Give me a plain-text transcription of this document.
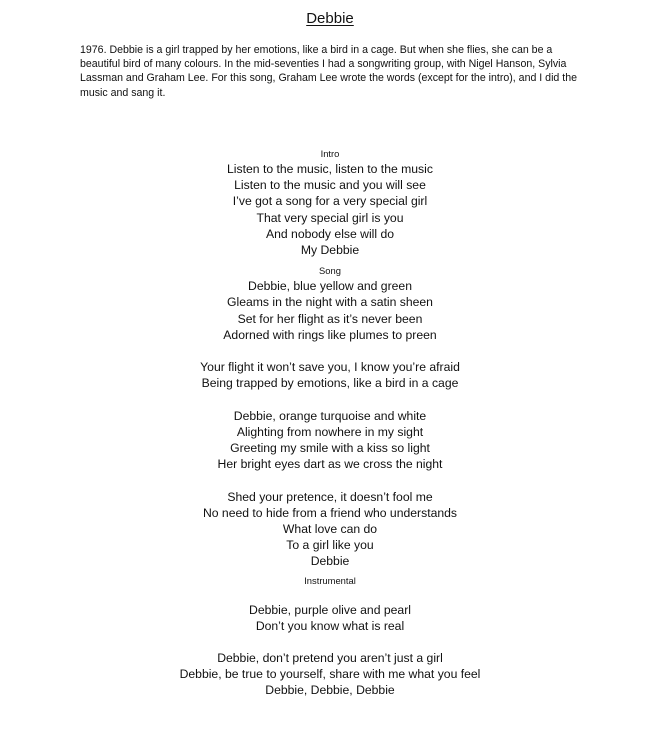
Debbie
1976. Debbie is a girl trapped by her emotions, like a bird in a cage. But when she flies, she can be a beautiful bird of many colours. In the mid-seventies I had a songwriting group, with Nigel Hanson, Sylvia Lassman and Graham Lee. For this song, Graham Lee wrote the words (except for the intro), and I did the music and sang it.
Intro
Listen to the music, listen to the music
Listen to the music and you will see
I’ve got a song for a very special girl
That very special girl is you
And nobody else will do
My Debbie
Song
Debbie, blue yellow and green
Gleams in the night with a satin sheen
Set for her flight as it’s never been
Adorned with rings like plumes to preen
Your flight it won’t save you, I know you’re afraid
Being trapped by emotions, like a bird in a cage
Debbie, orange turquoise and white
Alighting from nowhere in my sight
Greeting my smile with a kiss so light
Her bright eyes dart as we cross the night
Shed your pretence, it doesn’t fool me
No need to hide from a friend who understands
What love can do
To a girl like you
Debbie
Instrumental
Debbie, purple olive and pearl
Don’t you know what is real
Debbie, don’t pretend you aren’t just a girl
Debbie, be true to yourself, share with me what you feel
Debbie, Debbie, Debbie
